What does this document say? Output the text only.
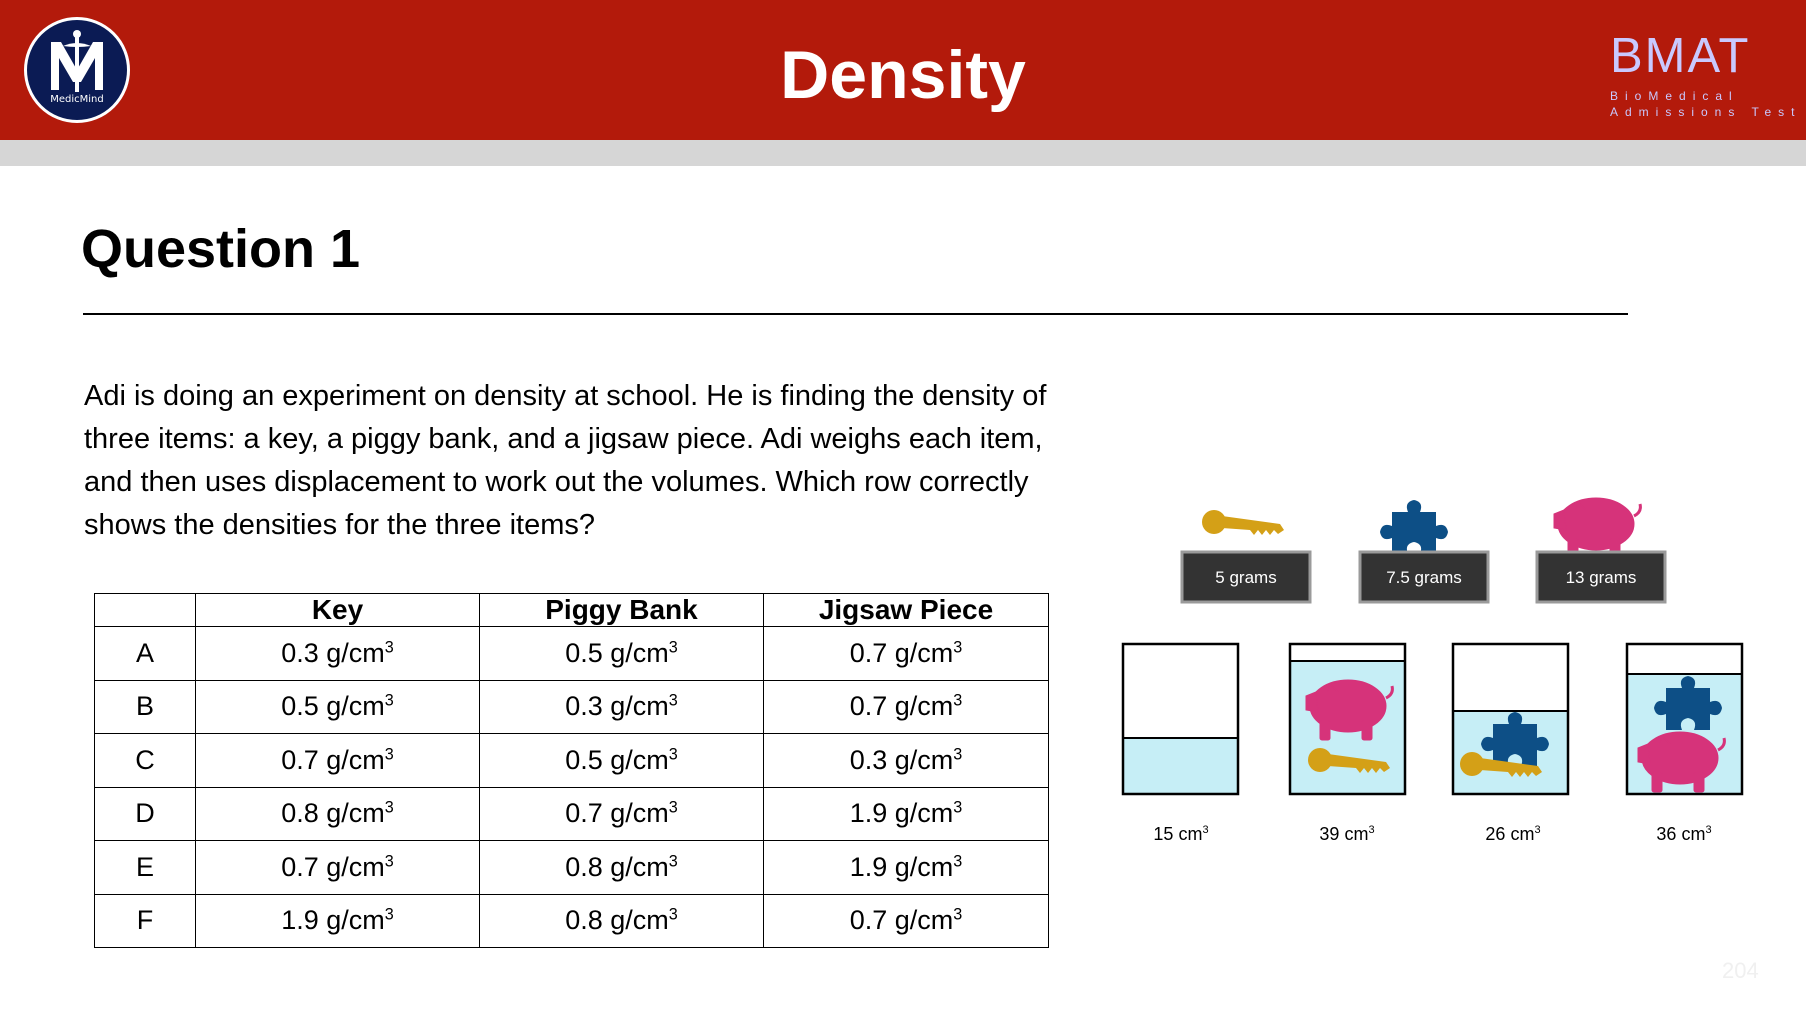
MedicMind	Density	BMAT
BioMedical
Admissions Test
Question 1

Adi is doing an experiment on density at school. He is finding the density of three items: a key, a piggy bank, and a jigsaw piece. Adi weighs each item, and then uses displacement to work out the volumes. Which row correctly shows the densities for the three items?

	Key	Piggy Bank	Jigsaw Piece
A	0.3 $g/cm^3$	0.5 $g/cm^3$	0.7 $g/cm^3$
B	0.5 $g/cm^3$	0.3 $g/cm^3$	0.7 $g/cm^3$
C	0.7 $g/cm^3$	0.5 $g/cm^3$	0.3 $g/cm^3$
D	0.8 $g/cm^3$	0.7 $g/cm^3$	1.9 $g/cm^3$
E	0.7 $g/cm^3$	0.8 $g/cm^3$	1.9 $g/cm^3$
F	1.9 $g/cm^3$	0.8 $g/cm^3$	0.7 $g/cm^3$
5 grams	7.5 grams	13 grams
15 $cm^3$	39 $cm^3$	26 $cm^3$	36 $cm^3$
204
